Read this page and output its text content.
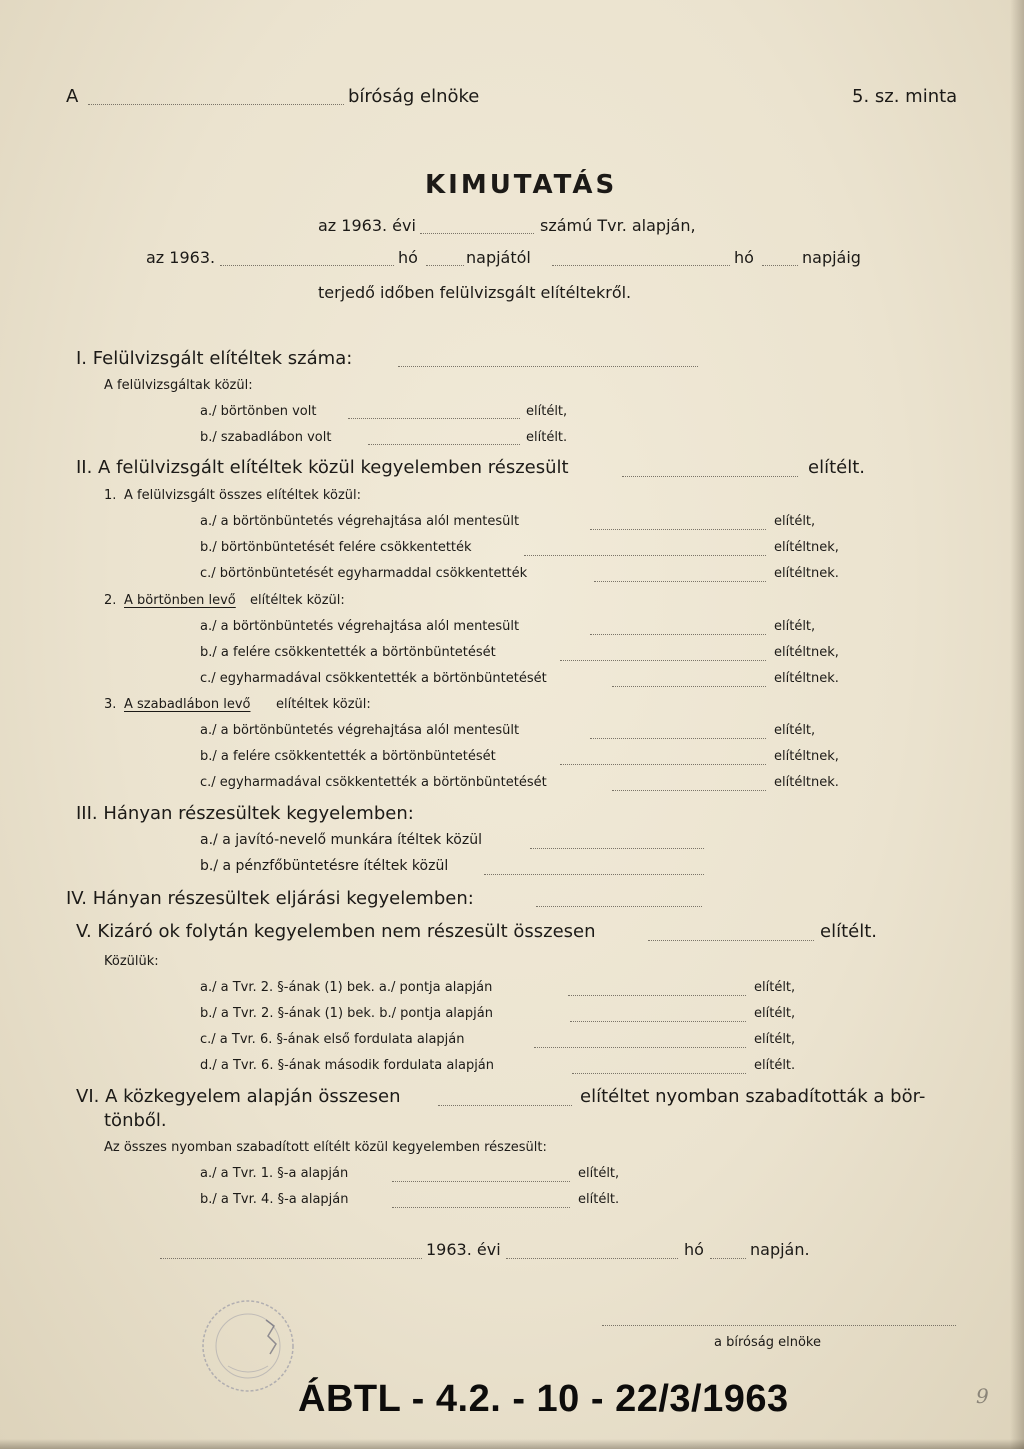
A	bíróság elnöke	5. sz. minta
KIMUTATÁS
az 1963. évi	számú Tvr. alapján,
az 1963.	hó	napjától	hó	napjáig
terjedő időben felülvizsgált elítéltekről.
I. Felülvizsgált elítéltek száma:
A felülvizsgáltak közül:
a./ börtönben volt	elítélt,
b./ szabadlábon volt	elítélt.
II. A felülvizsgált elítéltek közül kegyelemben részesült	elítélt.
1. A felülvizsgált összes elítéltek közül:
a./ a börtönbüntetés végrehajtása alól mentesült	elítélt,
b./ börtönbüntetését felére csökkentették	elítéltnek,
c./ börtönbüntetését egyharmaddal csökkentették	elítéltnek.
2. A börtönben levő elítéltek közül:
a./ a börtönbüntetés végrehajtása alól mentesült	elítélt,
b./ a felére csökkentették a börtönbüntetését	elítéltnek,
c./ egyharmadával csökkentették a börtönbüntetését	elítéltnek.
3. A szabadlábon levő elítéltek közül:
a./ a börtönbüntetés végrehajtása alól mentesült	elítélt,
b./ a felére csökkentették a börtönbüntetését	elítéltnek,
c./ egyharmadával csökkentették a börtönbüntetését	elítéltnek.
III. Hányan részesültek kegyelemben:
a./ a javító-nevelő munkára ítéltek közül
b./ a pénzfőbüntetésre ítéltek közül
IV. Hányan részesültek eljárási kegyelemben:
V. Kizáró ok folytán kegyelemben nem részesült összesen	elítélt.
Közülük:
a./ a Tvr. 2. §-ának (1) bek. a./ pontja alapján	elítélt,
b./ a Tvr. 2. §-ának (1) bek. b./ pontja alapján	elítélt,
c./ a Tvr. 6. §-ának első fordulata alapján	elítélt,
d./ a Tvr. 6. §-ának második fordulata alapján	elítélt.
VI. A közkegyelem alapján összesen	elítéltet nyomban szabadították a bör-
tönből.
Az összes nyomban szabadított elítélt közül kegyelemben részesült:
a./ a Tvr. 1. §-a alapján	elítélt,
b./ a Tvr. 4. §-a alapján	elítélt.
1963. évi	hó	napján.
a bíróság elnöke
ÁBTL - 4.2. - 10 - 22/3/1963	9
